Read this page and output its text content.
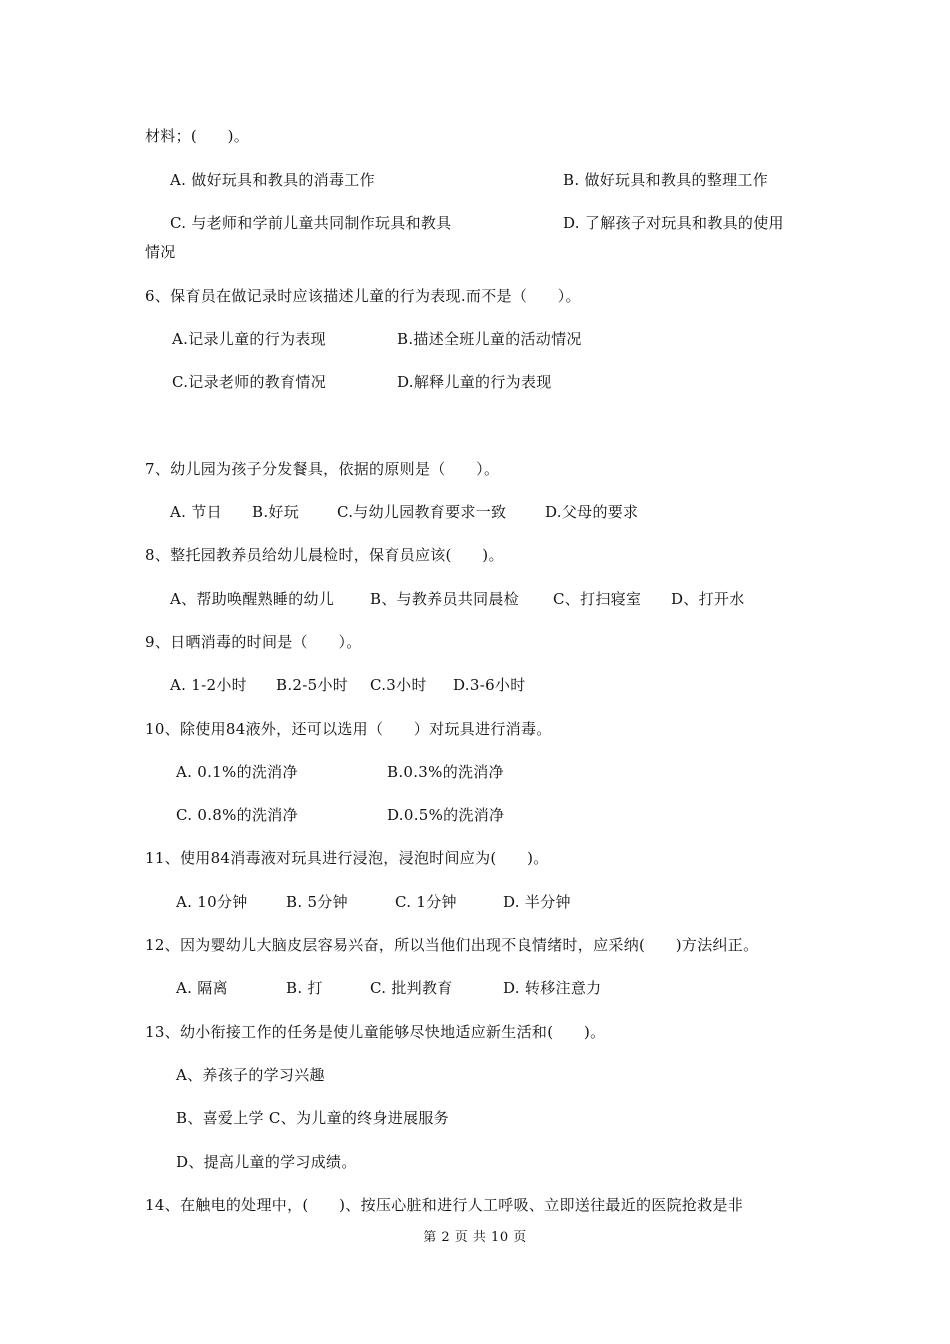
材料；(　　)。
A. 做好玩具和教具的消毒工作	B. 做好玩具和教具的整理工作
C. 与老师和学前儿童共同制作玩具和教具	D. 了解孩子对玩具和教具的使用
情况
6、保育员在做记录时应该描述儿童的行为表现.而不是（　　）。
A.记录儿童的行为表现	B.描述全班儿童的活动情况
C.记录老师的教育情况	D.解释儿童的行为表现
7、幼儿园为孩子分发餐具，依据的原则是（　　）。
A. 节日 B.好玩	C.与幼儿园教育要求一致	D.父母的要求
8、整托园教养员给幼儿晨检时，保育员应该(　　)。
A、帮助唤醒熟睡的幼儿 B、与教养员共同晨检 C、打扫寝室 D、打开水
9、日晒消毒的时间是（　　）。
A. 1-2小时 B.2-5小时 C.3小时 D.3-6小时
10、除使用84液外，还可以选用（　　）对玩具进行消毒。
A. 0.1%的洗消净	B.0.3%的洗消净
C. 0.8%的洗消净	D.0.5%的洗消净
11、使用84消毒液对玩具进行浸泡，浸泡时间应为(　　)。
A. 10分钟	B. 5分钟	C. 1分钟	D. 半分钟
12、因为婴幼儿大脑皮层容易兴奋，所以当他们出现不良情绪时，应采纳(　　)方法纠正。
A. 隔离	B. 打	C. 批判教育	D. 转移注意力
13、幼小衔接工作的任务是使儿童能够尽快地适应新生活和(　　)。
A、养孩子的学习兴趣
B、喜爱上学 C、为儿童的终身进展服务
D、提高儿童的学习成绩。
14、在触电的处理中，(　　)、按压心脏和进行人工呼吸、立即送往最近的医院抢救是非
第 2 页 共 10 页
